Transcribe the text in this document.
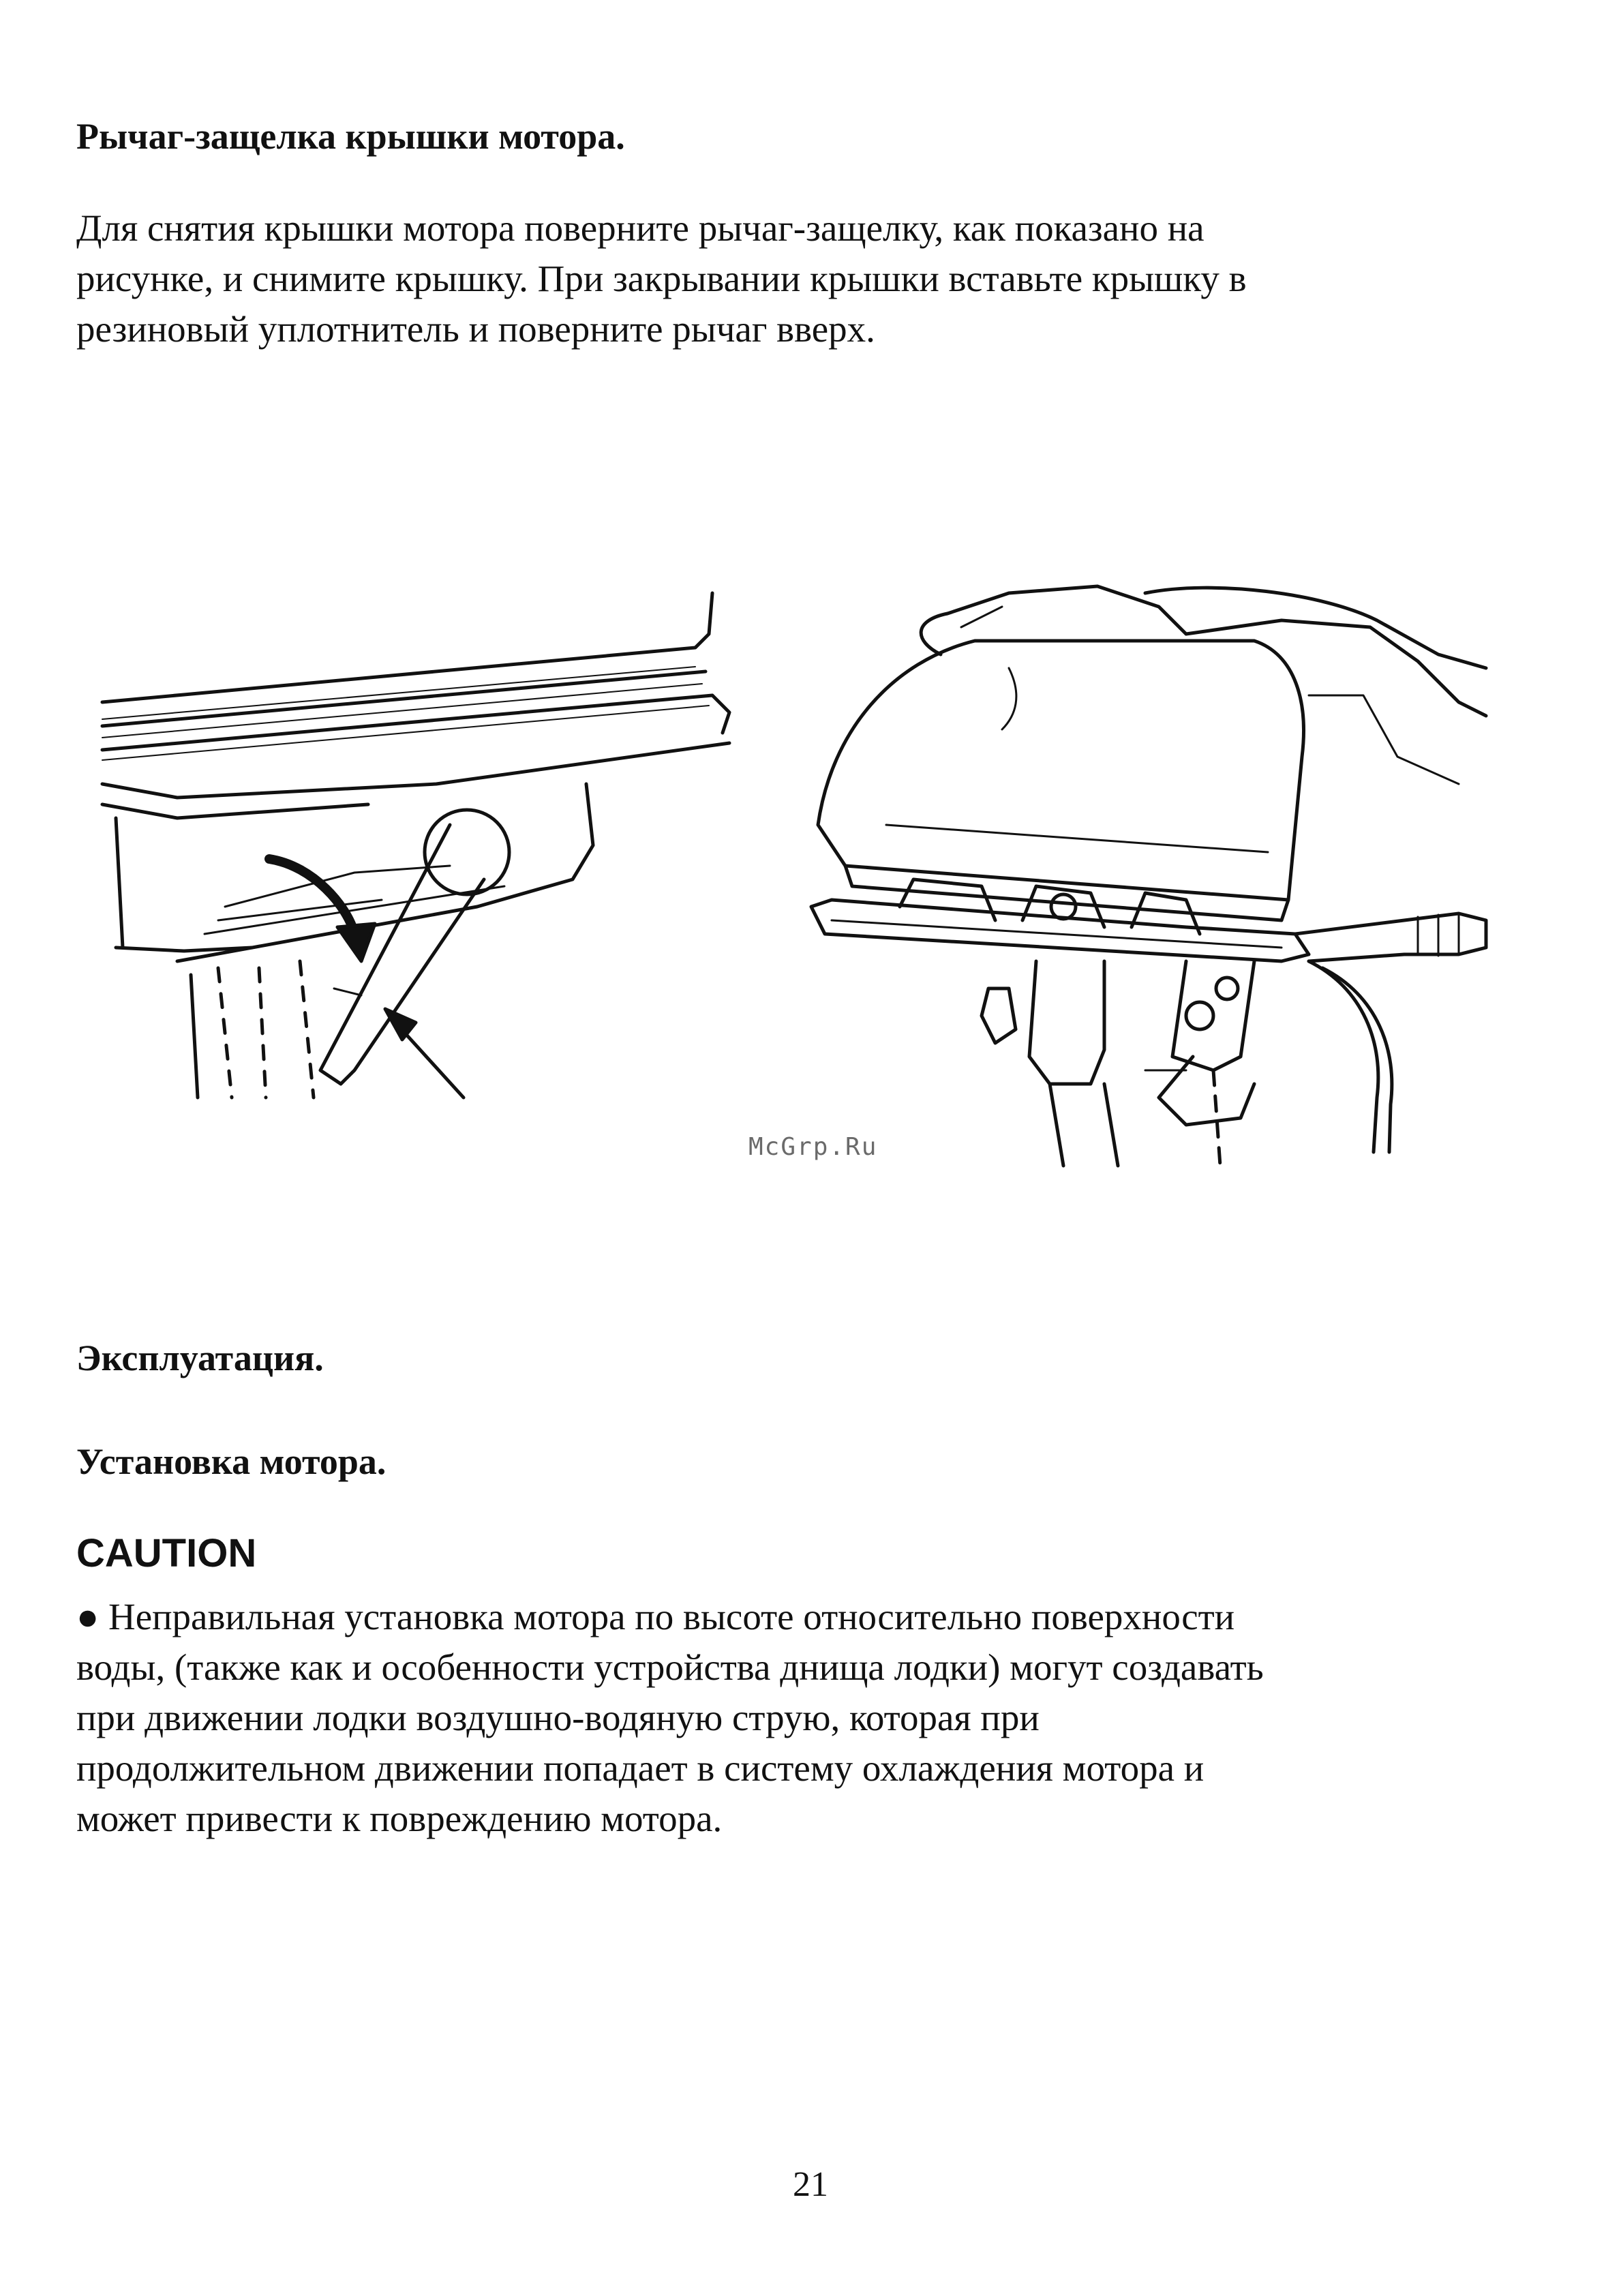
Рычаг-защелка крышки мотора.
Для снятия крышки мотора поверните рычаг-защелку, как показано на
рисунке, и снимите крышку. При закрывании крышки вставьте крышку в
резиновый уплотнитель и поверните рычаг вверх.
McGrp.Ru
Эксплуатация.
Установка мотора.
CAUTION
● Неправильная установка мотора по высоте относительно поверхности
воды, (также как и особенности устройства днища лодки) могут создавать
при движении лодки воздушно-водяную струю, которая при
продолжительном движении попадает в систему охлаждения мотора и
может привести к повреждению мотора.
21
